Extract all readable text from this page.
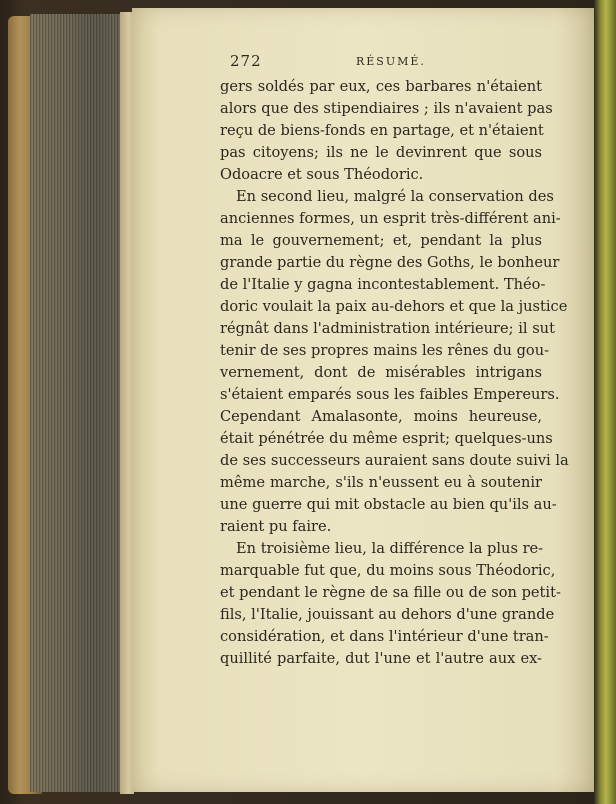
272	RÉSUMÉ.
gers soldés par eux, ces barbares n'étaient
alors que des stipendiaires ; ils n'avaient pas
reçu de biens-fonds en partage, et n'étaient
pas citoyens; ils ne le devinrent que sous
Odoacre et sous Théodoric.
En second lieu, malgré la conservation des
anciennes formes, un esprit très-différent ani-
ma le gouvernement; et, pendant la plus
grande partie du règne des Goths, le bonheur
de l'Italie y gagna incontestablement. Théo-
doric voulait la paix au-dehors et que la justice
régnât dans l'administration intérieure; il sut
tenir de ses propres mains les rênes du gou-
vernement, dont de misérables intrigans
s'étaient emparés sous les faibles Empereurs.
Cependant Amalasonte, moins heureuse,
était pénétrée du même esprit; quelques-uns
de ses successeurs auraient sans doute suivi la
même marche, s'ils n'eussent eu à soutenir
une guerre qui mit obstacle au bien qu'ils au-
raient pu faire.
En troisième lieu, la différence la plus re-
marquable fut que, du moins sous Théodoric,
et pendant le règne de sa fille ou de son petit-
fils, l'Italie, jouissant au dehors d'une grande
considération, et dans l'intérieur d'une tran-
quillité parfaite, dut l'une et l'autre aux ex-
